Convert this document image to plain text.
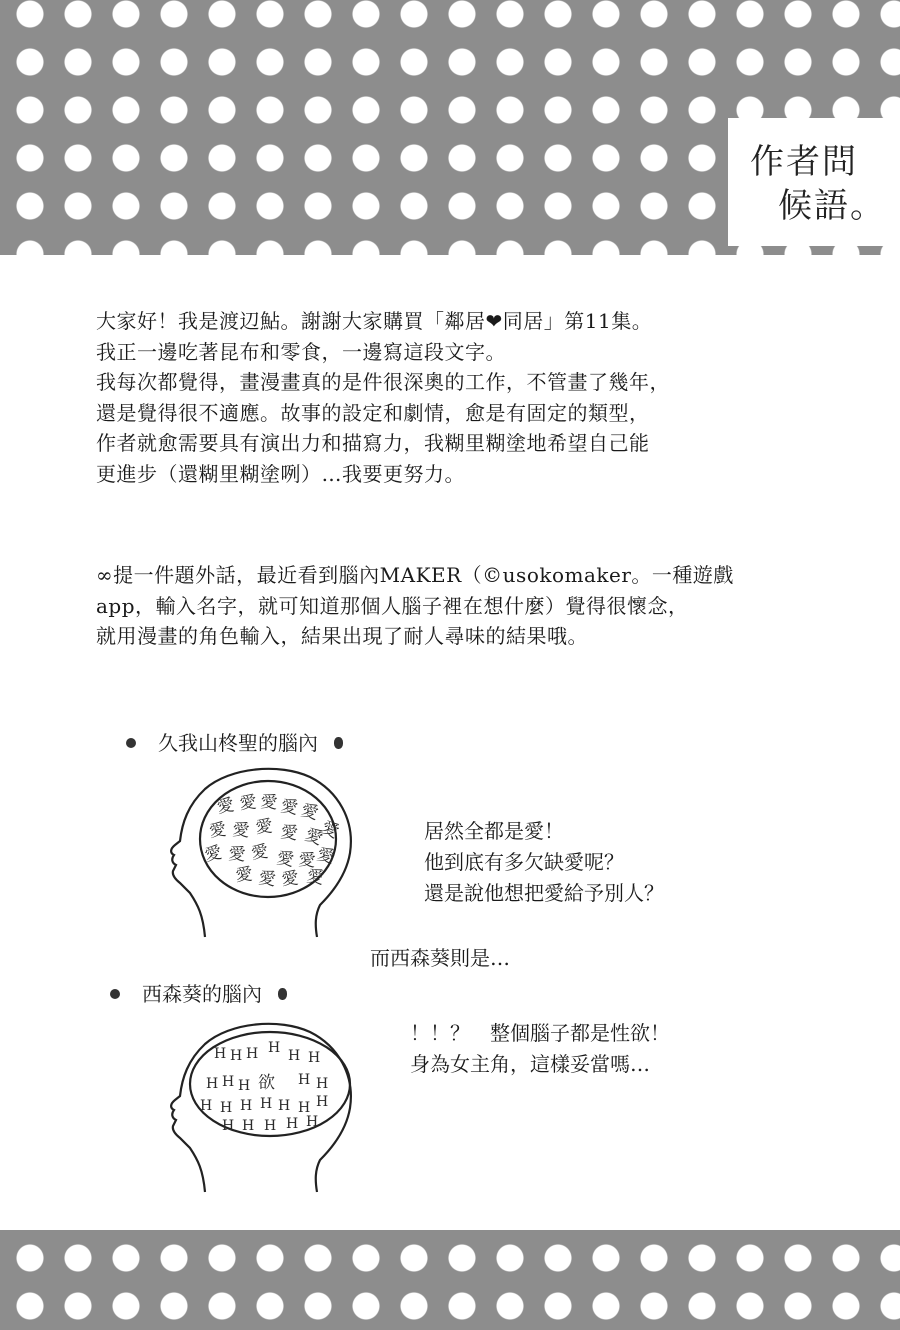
作者問
候語。

大家好！我是渡辺鮎。謝謝大家購買「鄰居❤同居」第11集。

我正一邊吃著昆布和零食，一邊寫這段文字。

我每次都覺得，畫漫畫真的是件很深奧的工作，不管畫了幾年，

還是覺得很不適應。故事的設定和劇情，愈是有固定的類型，

作者就愈需要具有演出力和描寫力，我糊里糊塗地希望自己能

更進步（還糊里糊塗咧）…我要更努力。

∞提一件題外話，最近看到腦內MAKER（©usokomaker。一種遊戲

app，輸入名字，就可知道那個人腦子裡在想什麼）覺得很懷念，

就用漫畫的角色輸入，結果出現了耐人尋味的結果哦。

久我山柊聖的腦內
愛 愛 愛 愛 愛
愛 愛 愛 愛 愛
愛
愛 愛 愛 愛 愛
愛
愛 愛 愛 愛

居然全都是愛！

他到底有多欠缺愛呢？

還是說他想把愛給予別人？

而西森葵則是…
西森葵的腦內
H H H H H H
H H H	H H
H H H H H H H
H H H H H
欲

！！？　整個腦子都是性欲！

身為女主角，這樣妥當嗎…
